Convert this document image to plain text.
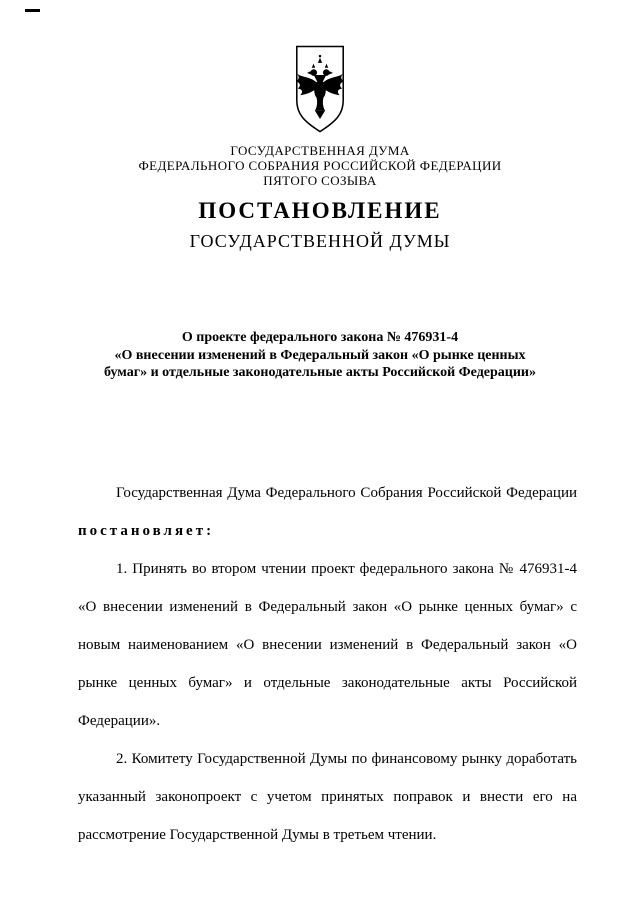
ГОСУДАРСТВЕННАЯ ДУМА
ФЕДЕРАЛЬНОГО СОБРАНИЯ РОССИЙСКОЙ ФЕДЕРАЦИИ
ПЯТОГО СОЗЫВА
ПОСТАНОВЛЕНИЕ
ГОСУДАРСТВЕННОЙ ДУМЫ
О проекте федерального закона № 476931-4
«О внесении изменений в Федеральный закон «О рынке ценных
бумаг» и отдельные законодательные акты Российской Федерации»

Государственная Дума Федерального Собрания Российской Федерации постановляет:

1. Принять во втором чтении проект федерального закона № 476931-4 «О внесении изменений в Федеральный закон «О рынке ценных бумаг» с новым наименованием «О внесении изменений в Федеральный закон «О рынке ценных бумаг» и отдельные законодательные акты Российской Федерации».

2. Комитету Государственной Думы по финансовому рынку доработать указанный законопроект с учетом принятых поправок и внести его на рассмотрение Государственной Думы в третьем чтении.
